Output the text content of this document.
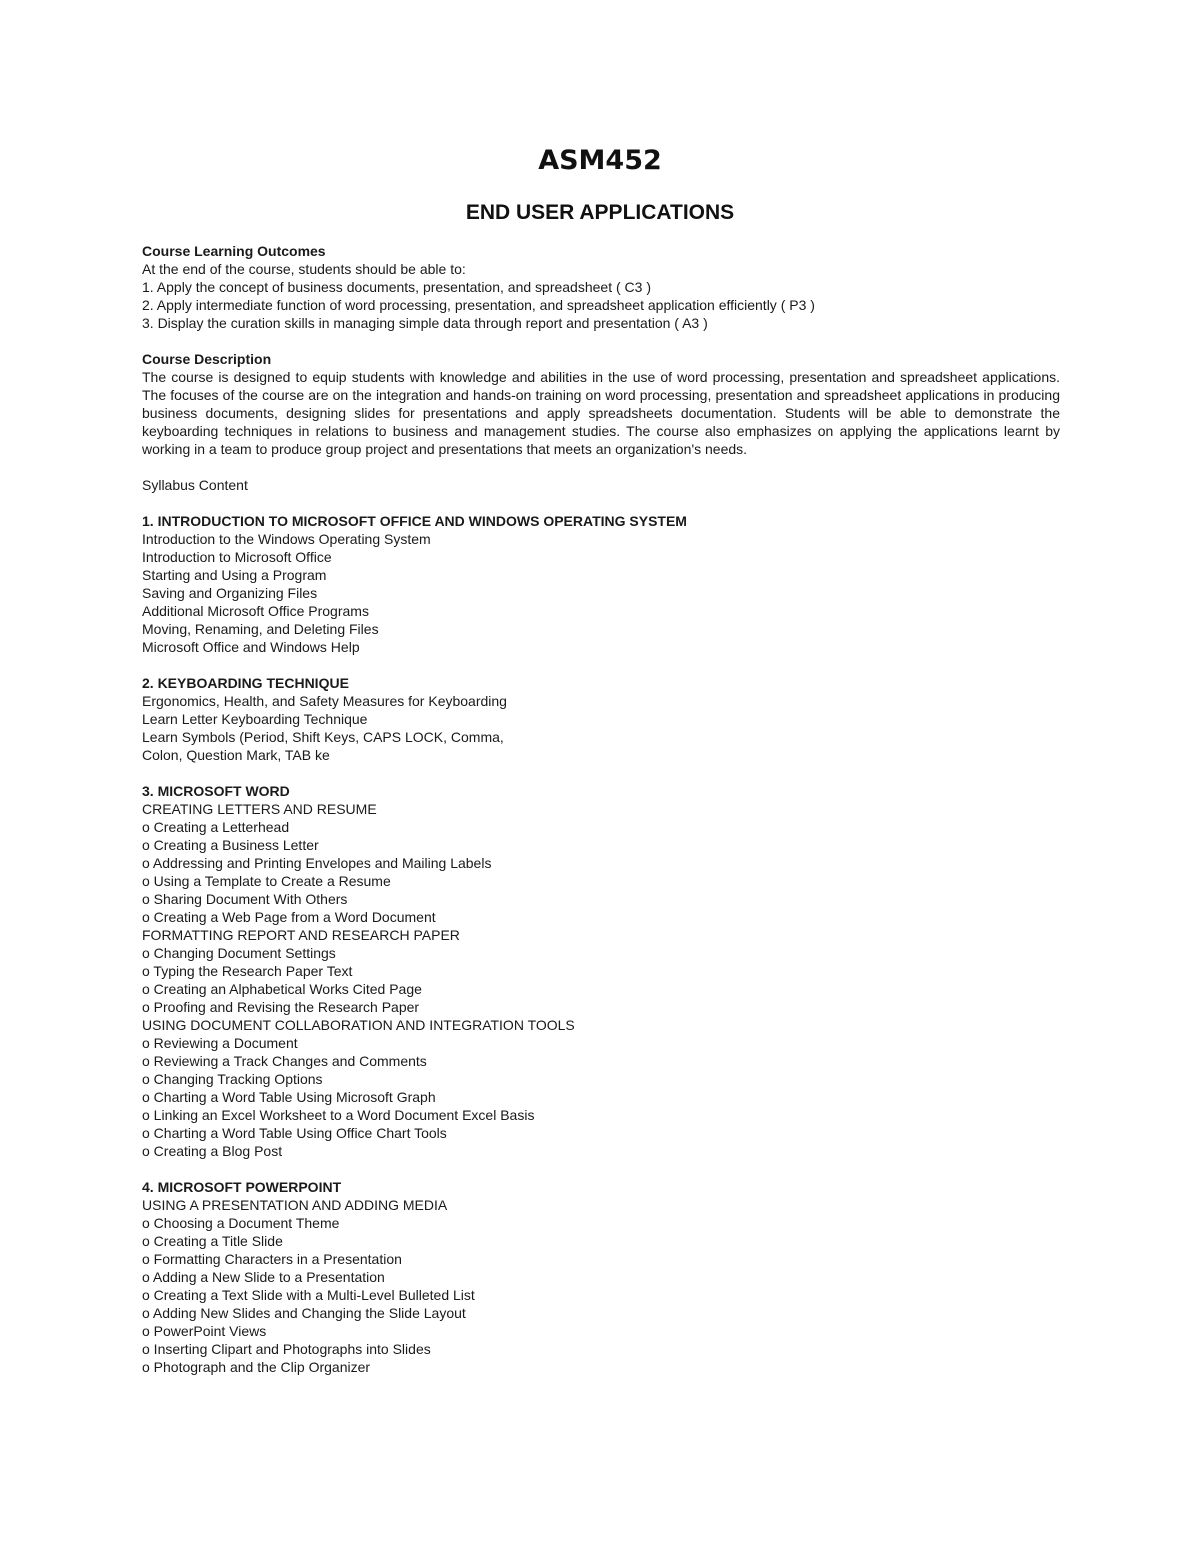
ASM452
END USER APPLICATIONS
Course Learning Outcomes
At the end of the course, students should be able to:
1. Apply the concept of business documents, presentation, and spreadsheet ( C3 )
2. Apply intermediate function of word processing, presentation, and spreadsheet application efficiently ( P3 )
3. Display the curation skills in managing simple data through report and presentation ( A3 )
Course Description
The course is designed to equip students with knowledge and abilities in the use of word processing, presentation and spreadsheet applications. The focuses of the course are on the integration and hands-on training on word processing, presentation and spreadsheet applications in producing business documents, designing slides for presentations and apply spreadsheets documentation. Students will be able to demonstrate the keyboarding techniques in relations to business and management studies. The course also emphasizes on applying the applications learnt by working in a team to produce group project and presentations that meets an organization's needs.
Syllabus Content
1. INTRODUCTION TO MICROSOFT OFFICE AND WINDOWS OPERATING SYSTEM
Introduction to the Windows Operating System
Introduction to Microsoft Office
Starting and Using a Program
Saving and Organizing Files
Additional Microsoft Office Programs
Moving, Renaming, and Deleting Files
Microsoft Office and Windows Help
2. KEYBOARDING TECHNIQUE
Ergonomics, Health, and Safety Measures for Keyboarding
Learn Letter Keyboarding Technique
Learn Symbols (Period, Shift Keys, CAPS LOCK, Comma,
Colon, Question Mark, TAB ke
3. MICROSOFT WORD
CREATING LETTERS AND RESUME
o Creating a Letterhead
o Creating a Business Letter
o Addressing and Printing Envelopes and Mailing Labels
o Using a Template to Create a Resume
o Sharing Document With Others
o Creating a Web Page from a Word Document
FORMATTING REPORT AND RESEARCH PAPER
o Changing Document Settings
o Typing the Research Paper Text
o Creating an Alphabetical Works Cited Page
o Proofing and Revising the Research Paper
USING DOCUMENT COLLABORATION AND INTEGRATION TOOLS
o Reviewing a Document
o Reviewing a Track Changes and Comments
o Changing Tracking Options
o Charting a Word Table Using Microsoft Graph
o Linking an Excel Worksheet to a Word Document Excel Basis
o Charting a Word Table Using Office Chart Tools
o Creating a Blog Post
4. MICROSOFT POWERPOINT
USING A PRESENTATION AND ADDING MEDIA
o Choosing a Document Theme
o Creating a Title Slide
o Formatting Characters in a Presentation
o Adding a New Slide to a Presentation
o Creating a Text Slide with a Multi-Level Bulleted List
o Adding New Slides and Changing the Slide Layout
o PowerPoint Views
o Inserting Clipart and Photographs into Slides
o Photograph and the Clip Organizer
